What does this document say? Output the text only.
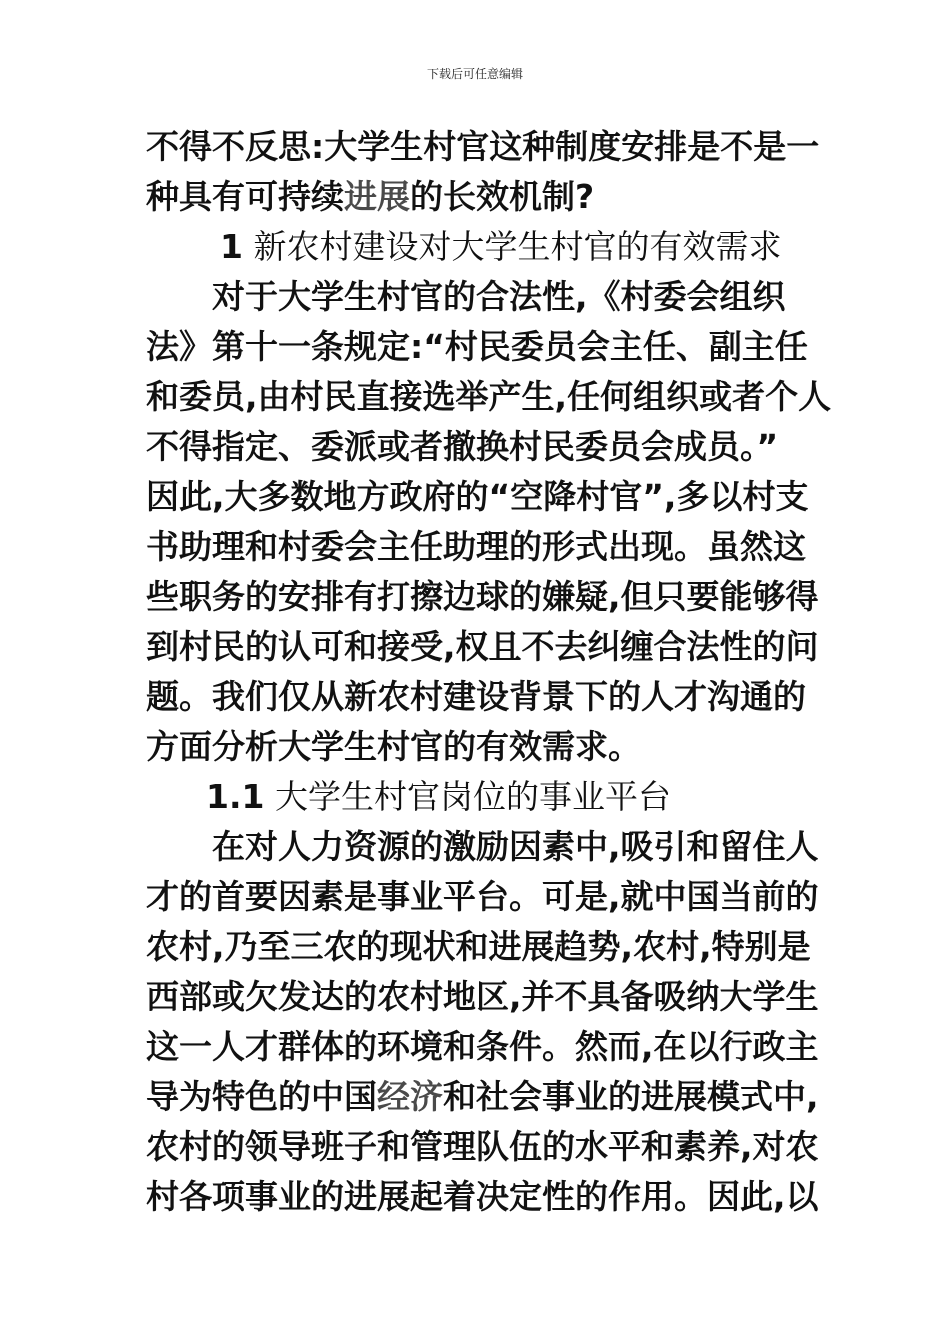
下载后可任意编辑
不得不反思:大学生村官这种制度安排是不是一
种具有可持续进展的长效机制?
1 新农村建设对大学生村官的有效需求
对于大学生村官的合法性,《村委会组织
法》第十一条规定:“村民委员会主任、副主任
和委员,由村民直接选举产生,任何组织或者个人
不得指定、委派或者撤换村民委员会成员。”
因此,大多数地方政府的“空降村官”,多以村支
书助理和村委会主任助理的形式出现。虽然这
些职务的安排有打擦边球的嫌疑,但只要能够得
到村民的认可和接受,权且不去纠缠合法性的问
题。我们仅从新农村建设背景下的人才沟通的
方面分析大学生村官的有效需求。
1.1 大学生村官岗位的事业平台
在对人力资源的激励因素中,吸引和留住人
才的首要因素是事业平台。可是,就中国当前的
农村,乃至三农的现状和进展趋势,农村,特别是
西部或欠发达的农村地区,并不具备吸纳大学生
这一人才群体的环境和条件。然而,在以行政主
导为特色的中国经济和社会事业的进展模式中,
农村的领导班子和管理队伍的水平和素养,对农
村各项事业的进展起着决定性的作用。因此,以
